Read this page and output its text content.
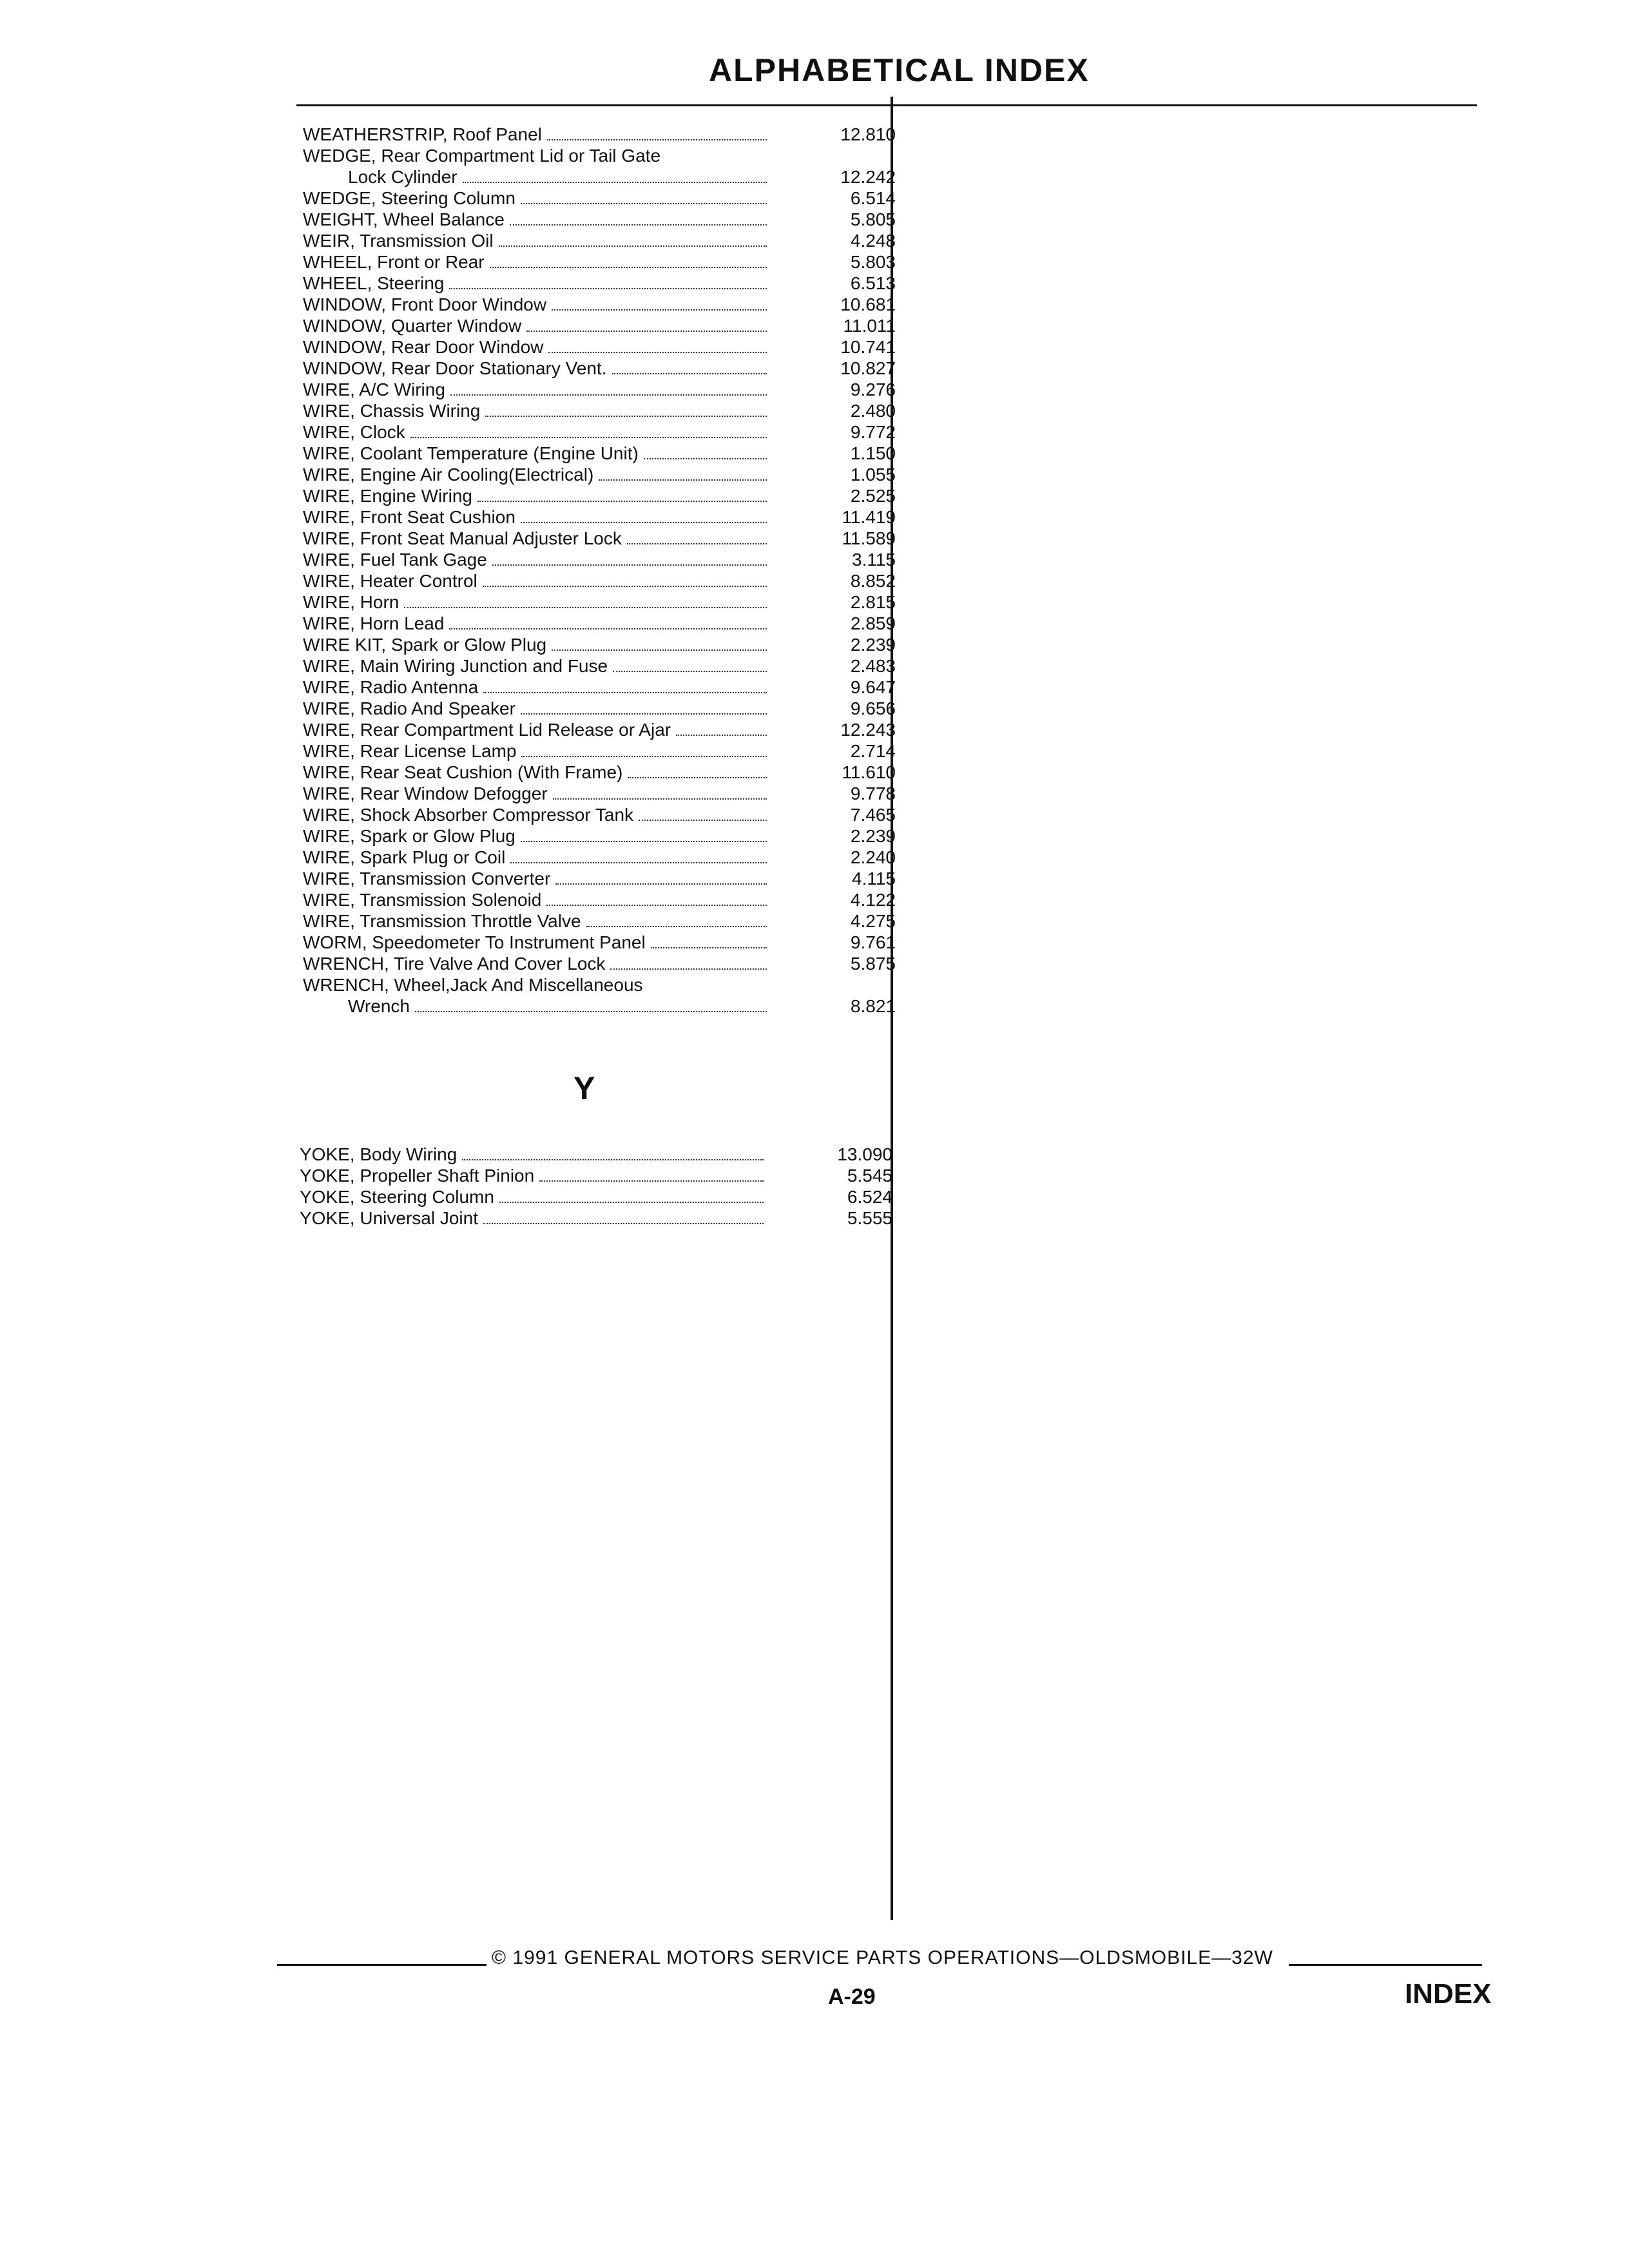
ALPHABETICAL INDEX
WEATHERSTRIP, Roof Panel	12.810
WEDGE, Rear Compartment Lid or Tail Gate
Lock Cylinder	12.242
WEDGE, Steering Column	6.514
WEIGHT, Wheel Balance	5.805
WEIR, Transmission Oil	4.248
WHEEL, Front or Rear	5.803
WHEEL, Steering	6.513
WINDOW, Front Door Window	10.681
WINDOW, Quarter Window	11.011
WINDOW, Rear Door Window	10.741
WINDOW, Rear Door Stationary Vent.	10.827
WIRE, A/C Wiring	9.276
WIRE, Chassis Wiring	2.480
WIRE, Clock	9.772
WIRE, Coolant Temperature (Engine Unit)	1.150
WIRE, Engine Air Cooling(Electrical)	1.055
WIRE, Engine Wiring	2.525
WIRE, Front Seat Cushion	11.419
WIRE, Front Seat Manual Adjuster Lock	11.589
WIRE, Fuel Tank Gage	3.115
WIRE, Heater Control	8.852
WIRE, Horn	2.815
WIRE, Horn Lead	2.859
WIRE KIT, Spark or Glow Plug	2.239
WIRE, Main Wiring Junction and Fuse	2.483
WIRE, Radio Antenna	9.647
WIRE, Radio And Speaker	9.656
WIRE, Rear Compartment Lid Release or Ajar	12.243
WIRE, Rear License Lamp	2.714
WIRE, Rear Seat Cushion (With Frame)	11.610
WIRE, Rear Window Defogger	9.778
WIRE, Shock Absorber Compressor Tank	7.465
WIRE, Spark or Glow Plug	2.239
WIRE, Spark Plug or Coil	2.240
WIRE, Transmission Converter	4.115
WIRE, Transmission Solenoid	4.122
WIRE, Transmission Throttle Valve	4.275
WORM, Speedometer To Instrument Panel	9.761
WRENCH, Tire Valve And Cover Lock	5.875
WRENCH, Wheel,Jack And Miscellaneous
Wrench	8.821
Y
YOKE, Body Wiring	13.090
YOKE, Propeller Shaft Pinion	5.545
YOKE, Steering Column	6.524
YOKE, Universal Joint	5.555
© 1991 GENERAL MOTORS SERVICE PARTS OPERATIONS—OLDSMOBILE—32W
A-29	INDEX
